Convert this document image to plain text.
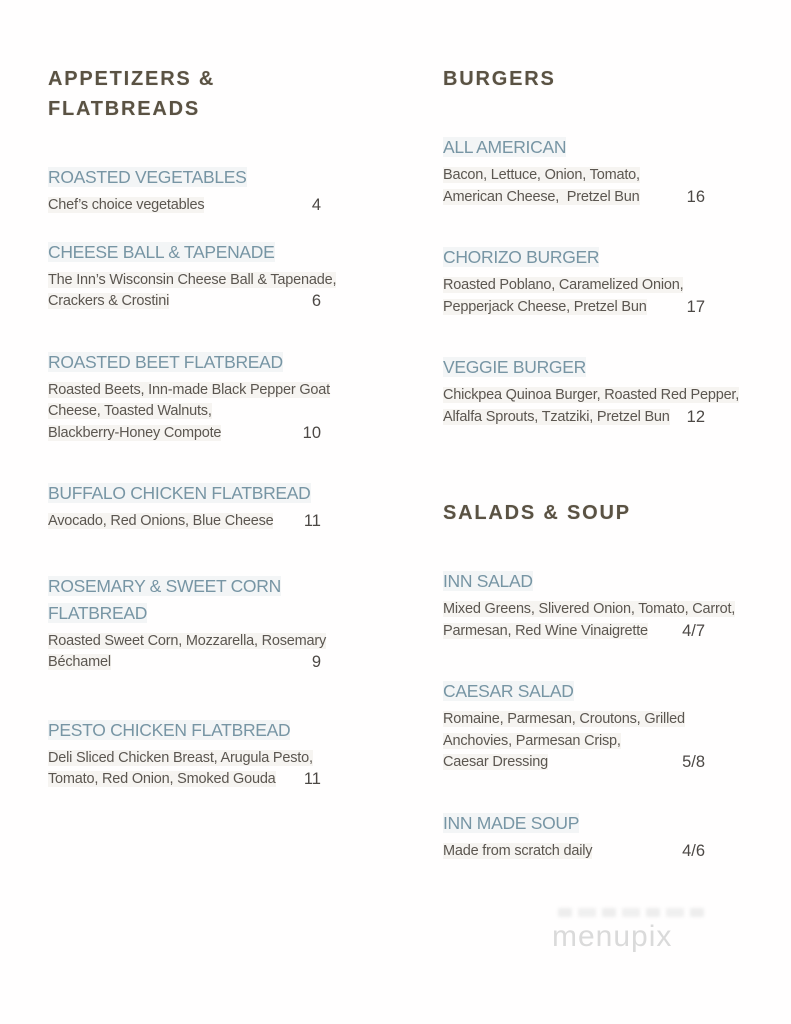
APPETIZERS &
FLATBREADS
ROASTED VEGETABLES
Chef’s choice vegetables	4
CHEESE BALL & TAPENADE
The Inn’s Wisconsin Cheese Ball & Tapenade,
Crackers & Crostini	6
ROASTED BEET FLATBREAD
Roasted Beets, Inn-made Black Pepper Goat
Cheese, Toasted Walnuts,
Blackberry-Honey Compote	10
BUFFALO CHICKEN FLATBREAD
Avocado, Red Onions, Blue Cheese	11
ROSEMARY & SWEET CORN
FLATBREAD
Roasted Sweet Corn, Mozzarella, Rosemary
Béchamel	9
PESTO CHICKEN FLATBREAD
Deli Sliced Chicken Breast, Arugula Pesto,
Tomato, Red Onion, Smoked Gouda	11
BURGERS
ALL AMERICAN
Bacon, Lettuce, Onion, Tomato,
American Cheese,  Pretzel Bun	16
CHORIZO BURGER
Roasted Poblano, Caramelized Onion,
Pepperjack Cheese, Pretzel Bun	17
VEGGIE BURGER
Chickpea Quinoa Burger, Roasted Red Pepper,
Alfalfa Sprouts, Tzatziki, Pretzel Bun	12
SALADS & SOUP
INN SALAD
Mixed Greens, Slivered Onion, Tomato, Carrot,
Parmesan, Red Wine Vinaigrette	4/7
CAESAR SALAD
Romaine, Parmesan, Croutons, Grilled
Anchovies, Parmesan Crisp,
Caesar Dressing	5/8
INN MADE SOUP
Made from scratch daily	4/6
menupix
